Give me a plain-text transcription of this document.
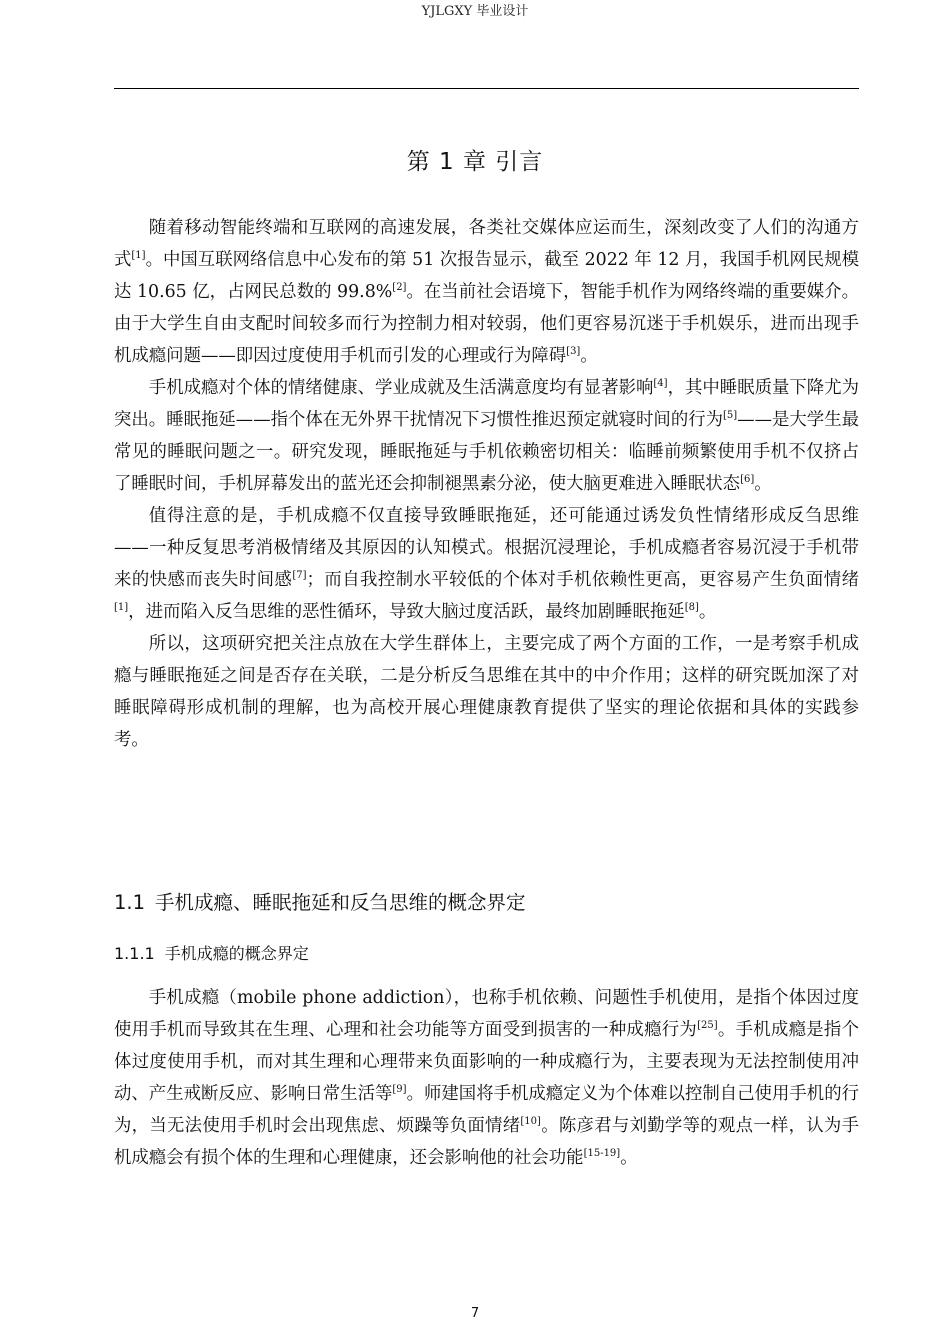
YJLGXY 毕业设计
第 1 章 引言

随着移动智能终端和互联网的高速发展，各类社交媒体应运而生，深刻改变了人们的沟通方式[1]。中国互联网络信息中心发布的第 51 次报告显示，截至 2022 年 12 月，我国手机网民规模达 10.65 亿，占网民总数的 99.8%[2]。在当前社会语境下，智能手机作为网络终端的重要媒介。由于大学生自由支配时间较多而行为控制力相对较弱，他们更容易沉迷于手机娱乐，进而出现手机成瘾问题——即因过度使用手机而引发的心理或行为障碍[3]。

手机成瘾对个体的情绪健康、学业成就及生活满意度均有显著影响[4]，其中睡眠质量下降尤为突出。睡眠拖延——指个体在无外界干扰情况下习惯性推迟预定就寝时间的行为[5]——是大学生最常见的睡眠问题之一。研究发现，睡眠拖延与手机依赖密切相关：临睡前频繁使用手机不仅挤占了睡眠时间，手机屏幕发出的蓝光还会抑制褪黑素分泌，使大脑更难进入睡眠状态[6]。

值得注意的是，手机成瘾不仅直接导致睡眠拖延，还可能通过诱发负性情绪形成反刍思维——一种反复思考消极情绪及其原因的认知模式。根据沉浸理论，手机成瘾者容易沉浸于手机带来的快感而丧失时间感[7]；而自我控制水平较低的个体对手机依赖性更高，更容易产生负面情绪[1]，进而陷入反刍思维的恶性循环，导致大脑过度活跃，最终加剧睡眠拖延[8]。

所以，这项研究把关注点放在大学生群体上，主要完成了两个方面的工作，一是考察手机成瘾与睡眠拖延之间是否存在关联，二是分析反刍思维在其中的中介作用；这样的研究既加深了对睡眠障碍形成机制的理解，也为高校开展心理健康教育提供了坚实的理论依据和具体的实践参考。

1.1 手机成瘾、睡眠拖延和反刍思维的概念界定
1.1.1 手机成瘾的概念界定

手机成瘾（mobile phone addiction），也称手机依赖、问题性手机使用，是指个体因过度使用手机而导致其在生理、心理和社会功能等方面受到损害的一种成瘾行为[25]。手机成瘾是指个体过度使用手机，而对其生理和心理带来负面影响的一种成瘾行为，主要表现为无法控制使用冲动、产生戒断反应、影响日常生活等[9]。师建国将手机成瘾定义为个体难以控制自己使用手机的行为，当无法使用手机时会出现焦虑、烦躁等负面情绪[10]。陈彦君与刘勤学等的观点一样，认为手机成瘾会有损个体的生理和心理健康，还会影响他的社会功能[15-19]。

7
